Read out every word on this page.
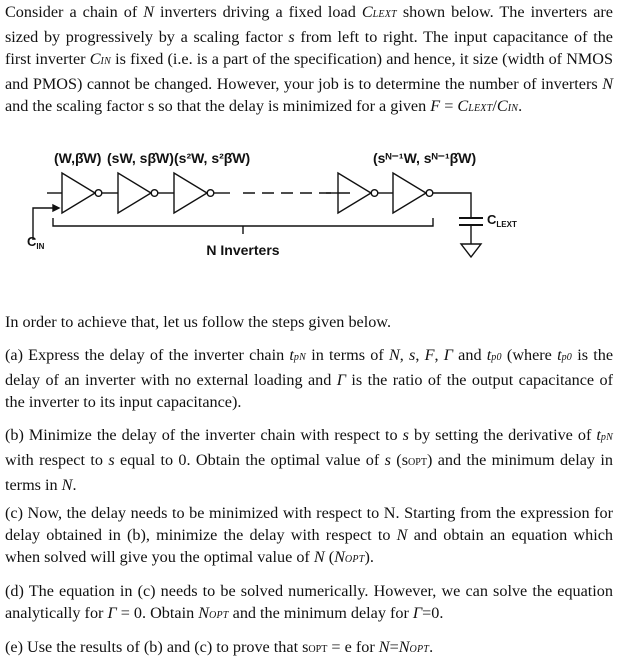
Consider a chain of N inverters driving a fixed load CLEXT shown below. The inverters are sized by progressively by a scaling factor s from left to right. The input capacitance of the first inverter CIN is fixed (i.e. is a part of the specification) and hence, it size (width of NMOS and PMOS) cannot be changed. However, your job is to determine the number of inverters N and the scaling factor s so that the delay is minimized for a given F = CLEXT/CIN.
(W,β̂W) (sW, sβ̂W) (s²W, s²β̂W)	(sᴺ⁻¹W, sᴺ⁻¹β̂W)
$C_{IN}$
$C_{LEXT}$
N Inverters
In order to achieve that, let us follow the steps given below.
(a) Express the delay of the inverter chain tpN in terms of N, s, F, Γ and tp0 (where tp0 is the delay of an inverter with no external loading and Γ is the ratio of the output capacitance of the inverter to its input capacitance).
(b) Minimize the delay of the inverter chain with respect to s by setting the derivative of tpN with respect to s equal to 0. Obtain the optimal value of s (sOPT) and the minimum delay in terms in N.
(c) Now, the delay needs to be minimized with respect to N. Starting from the expression for delay obtained in (b), minimize the delay with respect to N and obtain an equation which when solved will give you the optimal value of N (NOPT).
(d) The equation in (c) needs to be solved numerically. However, we can solve the equation analytically for Γ = 0. Obtain NOPT and the minimum delay for Γ=0.
(e) Use the results of (b) and (c) to prove that sOPT = e for N=NOPT.
